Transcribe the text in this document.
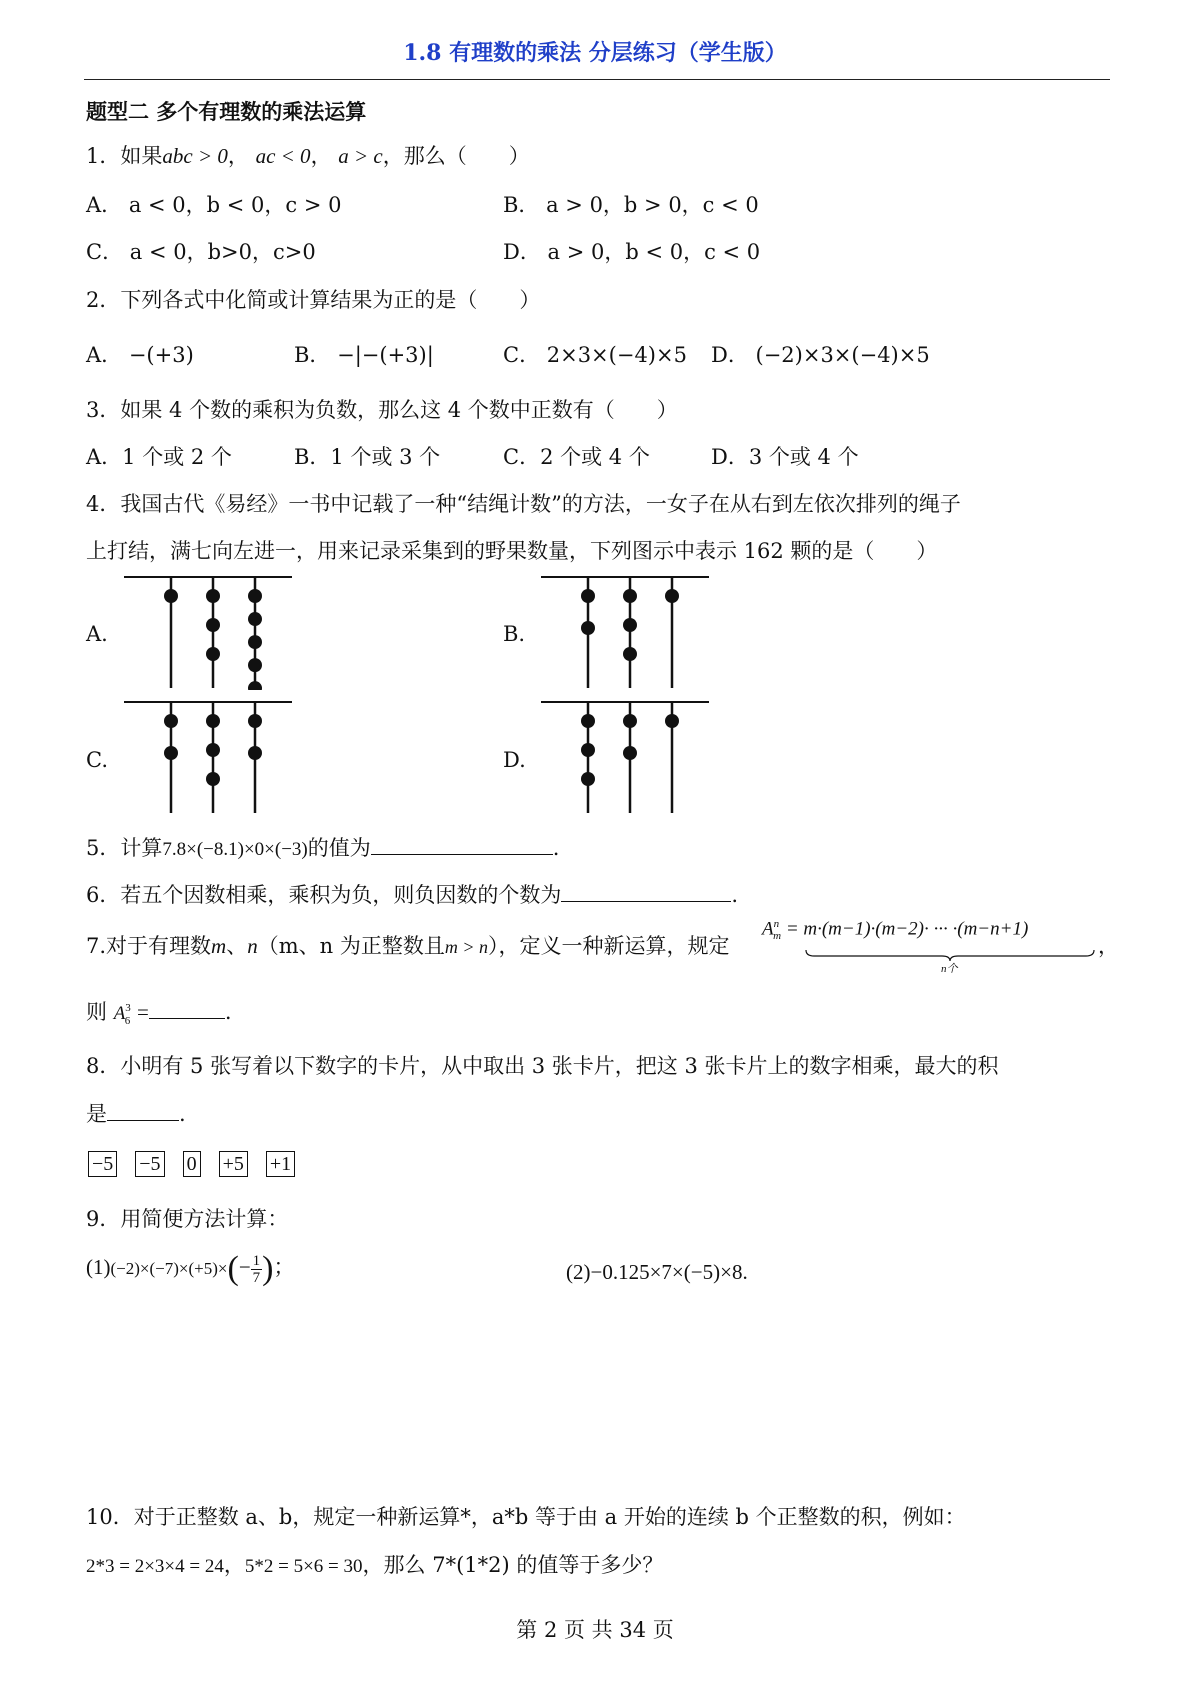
1.8 有理数的乘法 分层练习（学生版）
题型二 多个有理数的乘法运算
1．如果abc > 0， ac < 0， a > c，那么（　　）
A． a < 0，b < 0，c > 0	B． a > 0，b > 0，c < 0
C． a < 0，b>0，c>0	D． a > 0，b < 0，c < 0
2．下列各式中化简或计算结果为正的是（　　）
A． −(+3)	B． −|−(+3)|	C． 2×3×(−4)×5 D． (−2)×3×(−4)×5
3．如果 4 个数的乘积为负数，那么这 4 个数中正数有（　　）
A．1 个或 2 个	B．1 个或 3 个	C．2 个或 4 个	D．3 个或 4 个
4．我国古代《易经》一书中记载了一种“结绳计数”的方法，一女子在从右到左依次排列的绳子
上打结，满七向左进一，用来记录采集到的野果数量，下列图示中表示 162 颗的是（　　）
A.	B.
C.	D.
5．计算7.8×(−8.1)×0×(−3)的值为	.
6．若五个因数相乘，乘积为负，则负因数的个数为	.
7.对于有理数m、n（m、n 为正整数且m > n），定义一种新运算，规定
$A^n_m = m\cdot(m-1)\cdot(m-2)\cdot$ ··· ·(m−n+1)
n个
，
则 $A^3_6$ =	.
8．小明有 5 张写着以下数字的卡片，从中取出 3 张卡片，把这 3 张卡片上的数字相乘，最大的积
是	.
−5 −5 0 +5 +1
9．用简便方法计算：
$(1)(-2)\times(-7)\times(+5)\times(- \frac{1}{7}$ )；	(2)−0.125×7×(−5)×8.
10．对于正整数 a、b，规定一种新运算*，a*b 等于由 a 开始的连续 b 个正整数的积，例如：
2*3 = 2×3×4 = 24，5*2 = 5×6 = 30，那么 7*(1*2) 的值等于多少？
第 2 页 共 34 页
